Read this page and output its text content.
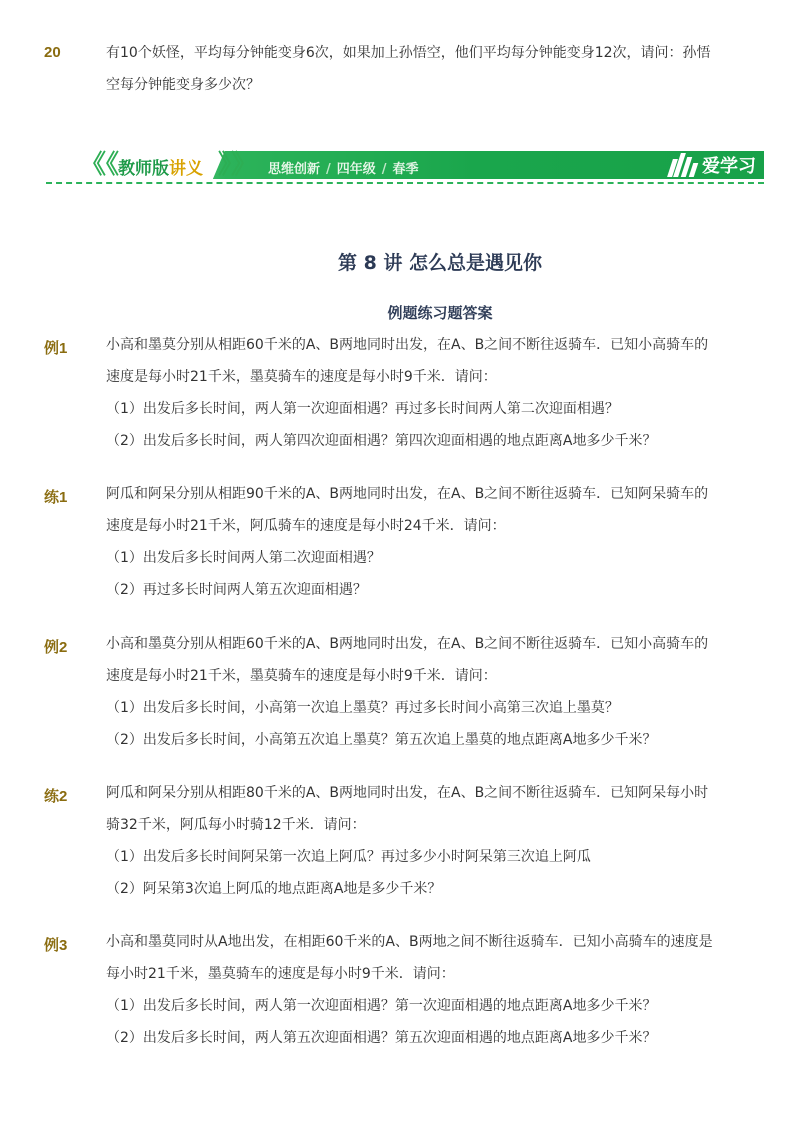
20	有10个妖怪，平均每分钟能变身6次，如果加上孙悟空，他们平均每分钟能变身12次，请问：孙悟空每分钟能变身多少次？
《《
教师版讲义 》》 思维创新 / 四年级 / 春季	爱学习
第 8 讲 怎么总是遇见你
例题练习题答案
例1	小高和墨莫分别从相距60千米的A、B两地同时出发，在A、B之间不断往返骑车．已知小高骑车的速度是每小时21千米，墨莫骑车的速度是每小时9千米．请问：
（1）出发后多长时间，两人第一次迎面相遇？再过多长时间两人第二次迎面相遇？
（2）出发后多长时间，两人第四次迎面相遇？第四次迎面相遇的地点距离A地多少千米？
练1	阿瓜和阿呆分别从相距90千米的A、B两地同时出发，在A、B之间不断往返骑车．已知阿呆骑车的速度是每小时21千米，阿瓜骑车的速度是每小时24千米．请问：
（1）出发后多长时间两人第二次迎面相遇？
（2）再过多长时间两人第五次迎面相遇？
例2	小高和墨莫分别从相距60千米的A、B两地同时出发，在A、B之间不断往返骑车．已知小高骑车的速度是每小时21千米，墨莫骑车的速度是每小时9千米．请问：
（1）出发后多长时间，小高第一次追上墨莫？再过多长时间小高第三次追上墨莫？
（2）出发后多长时间，小高第五次追上墨莫？第五次追上墨莫的地点距离A地多少千米？
练2	阿瓜和阿呆分别从相距80千米的A、B两地同时出发，在A、B之间不断往返骑车．已知阿呆每小时骑32千米，阿瓜每小时骑12千米．请问：
（1）出发后多长时间阿呆第一次追上阿瓜？再过多少小时阿呆第三次追上阿瓜
（2）阿呆第3次追上阿瓜的地点距离A地是多少千米？
例3	小高和墨莫同时从A地出发，在相距60千米的A、B两地之间不断往返骑车．已知小高骑车的速度是每小时21千米，墨莫骑车的速度是每小时9千米．请问：
（1）出发后多长时间，两人第一次迎面相遇？第一次迎面相遇的地点距离A地多少千米？
（2）出发后多长时间，两人第五次迎面相遇？第五次迎面相遇的地点距离A地多少千米？
